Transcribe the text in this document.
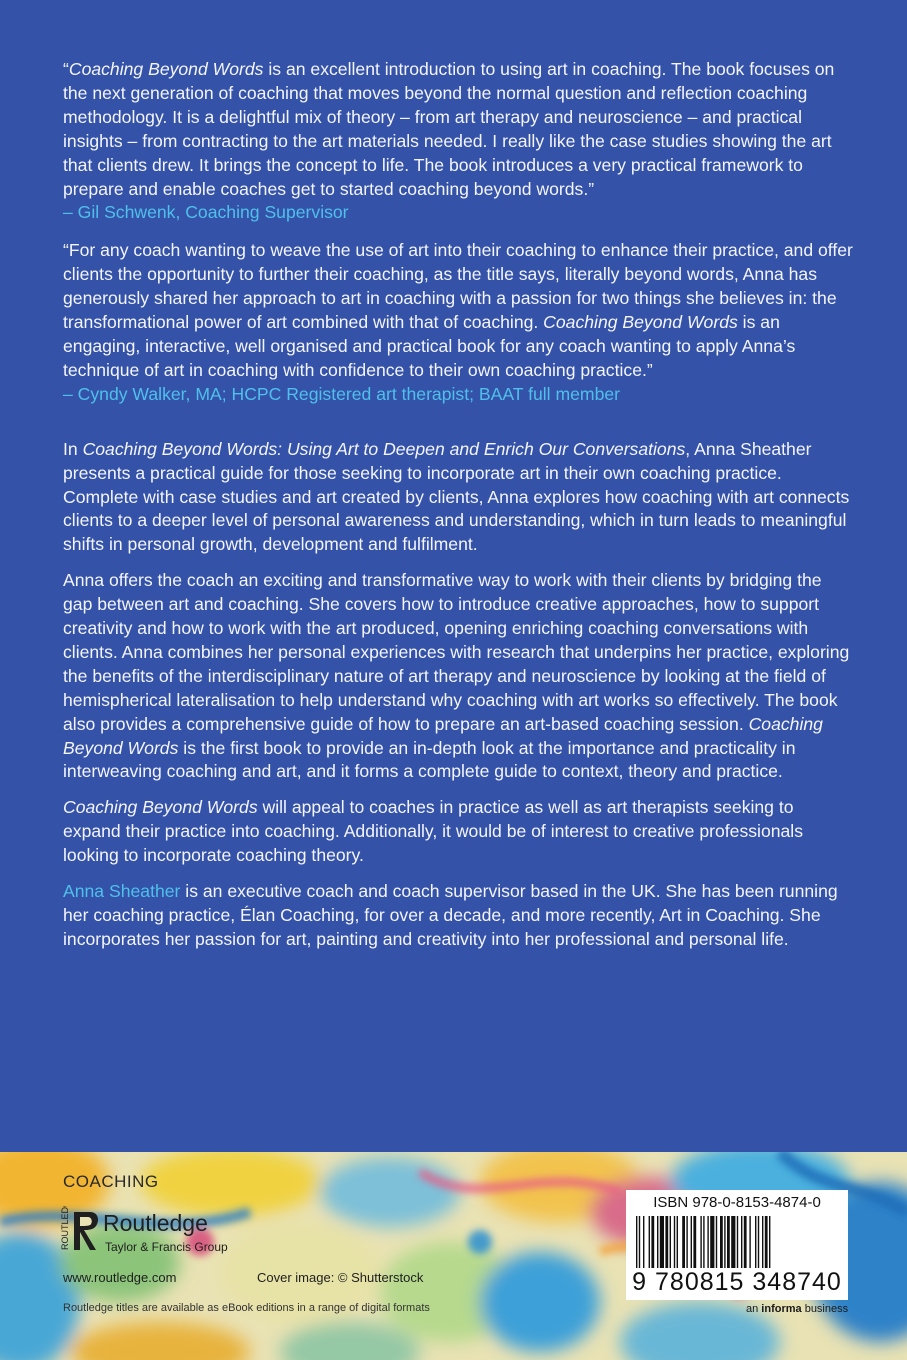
“Coaching Beyond Words is an excellent introduction to using art in coaching. The book focuses on the next generation of coaching that moves beyond the normal question and reflection coaching methodology. It is a delightful mix of theory – from art therapy and neuroscience – and practical insights – from contracting to the art materials needed. I really like the case studies showing the art that clients drew. It brings the concept to life. The book introduces a very practical framework to prepare and enable coaches get to started coaching beyond words.”

– Gil Schwenk, Coaching Supervisor

“For any coach wanting to weave the use of art into their coaching to enhance their practice, and offer clients the opportunity to further their coaching, as the title says, literally beyond words, Anna has generously shared her approach to art in coaching with a passion for two things she believes in: the transformational power of art combined with that of coaching. Coaching Beyond Words is an engaging, interactive, well organised and practical book for any coach wanting to apply Anna’s technique of art in coaching with confidence to their own coaching practice.”

– Cyndy Walker, MA; HCPC Registered art therapist; BAAT full member

In Coaching Beyond Words: Using Art to Deepen and Enrich Our Conversations, Anna Sheather presents a practical guide for those seeking to incorporate art in their own coaching practice. Complete with case studies and art created by clients, Anna explores how coaching with art connects clients to a deeper level of personal awareness and understanding, which in turn leads to meaningful shifts in personal growth, development and fulfilment.

Anna offers the coach an exciting and transformative way to work with their clients by bridging the gap between art and coaching. She covers how to introduce creative approaches, how to support creativity and how to work with the art produced, opening enriching coaching conversations with clients. Anna combines her personal experiences with research that underpins her practice, exploring the benefits of the interdisciplinary nature of art therapy and neuroscience by looking at the field of hemispherical lateralisation to help understand why coaching with art works so effectively. The book also provides a comprehensive guide of how to prepare an art-based coaching session. Coaching Beyond Words is the first book to provide an in-depth look at the importance and practicality in interweaving coaching and art, and it forms a complete guide to context, theory and practice.

Coaching Beyond Words will appeal to coaches in practice as well as art therapists seeking to expand their practice into coaching. Additionally, it would be of interest to creative professionals looking to incorporate coaching theory.

Anna Sheather is an executive coach and coach supervisor based in the UK. She has been running her coaching practice, Élan Coaching, for over a decade, and more recently, Art in Coaching. She incorporates her passion for art, painting and creativity into her professional and personal life.

COACHING
ROUTLEDGE Routledge
Taylor & Francis Group
www.routledge.com	Cover image: © Shutterstock
Routledge titles are available as eBook editions in a range of digital formats
ISBN 978-0-8153-4874-0
9 780815 348740
an informa business
